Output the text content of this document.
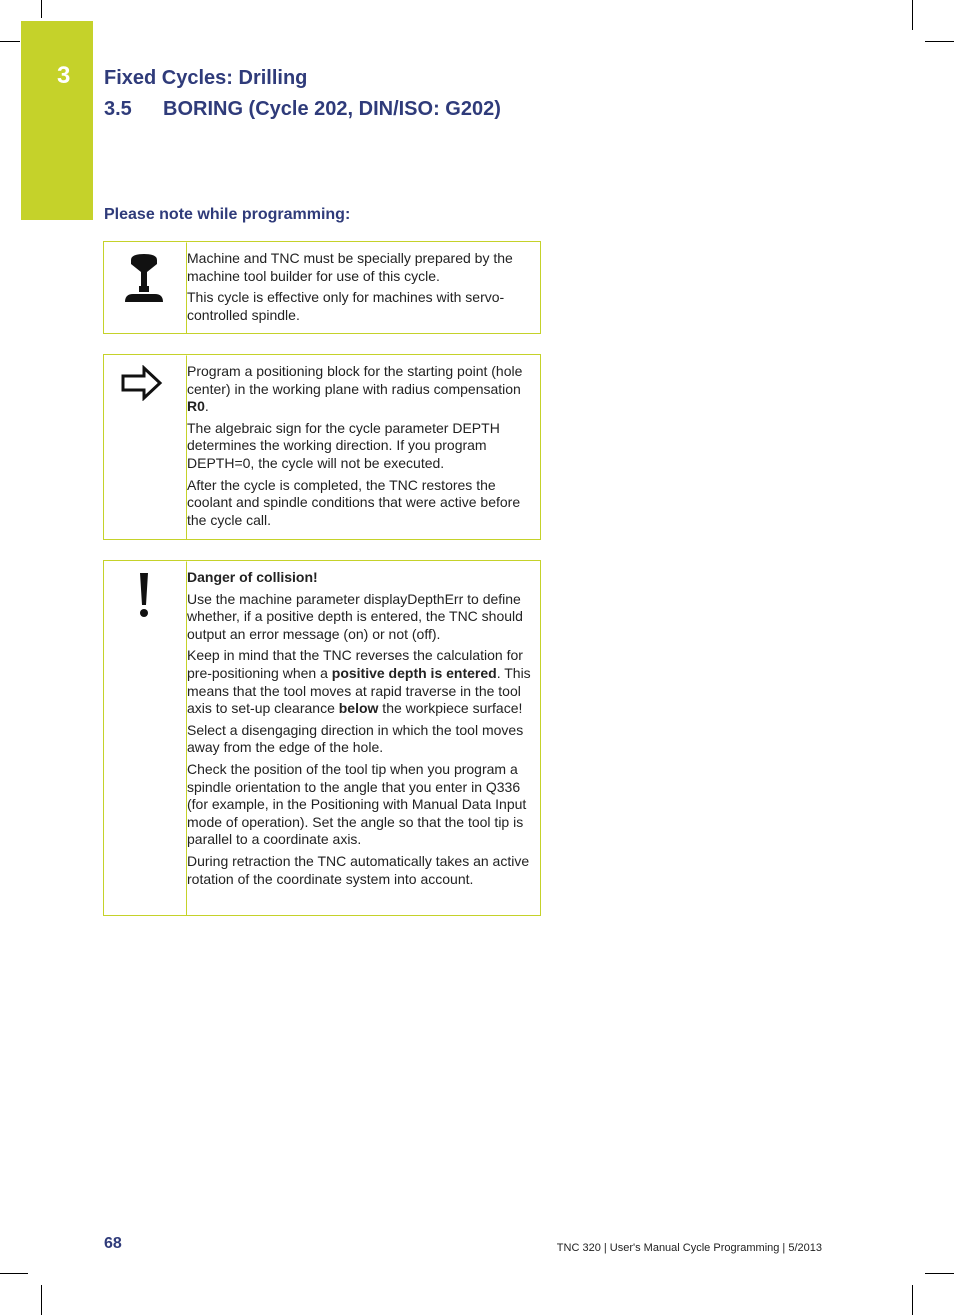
3 Fixed Cycles: Drilling
3.5 BORING (Cycle 202, DIN/ISO: G202)
Please note while programming:

Machine and TNC must be specially prepared by the machine tool builder for use of this cycle.

This cycle is effective only for machines with servo-controlled spindle.

Program a positioning block for the starting point (hole center) in the working plane with radius compensation R0.

The algebraic sign for the cycle parameter DEPTH determines the working direction. If you program DEPTH=0, the cycle will not be executed.

After the cycle is completed, the TNC restores the coolant and spindle conditions that were active before the cycle call.

Danger of collision!

Use the machine parameter displayDepthErr to define whether, if a positive depth is entered, the TNC should output an error message (on) or not (off).

Keep in mind that the TNC reverses the calculation for pre-positioning when a positive depth is entered. This means that the tool moves at rapid traverse in the tool axis to set-up clearance below the workpiece surface!

Select a disengaging direction in which the tool moves away from the edge of the hole.

Check the position of the tool tip when you program a spindle orientation to the angle that you enter in Q336 (for example, in the Positioning with Manual Data Input mode of operation). Set the angle so that the tool tip is parallel to a coordinate axis.

During retraction the TNC automatically takes an active rotation of the coordinate system into account.

68	TNC 320 | User's Manual Cycle Programming | 5/2013
